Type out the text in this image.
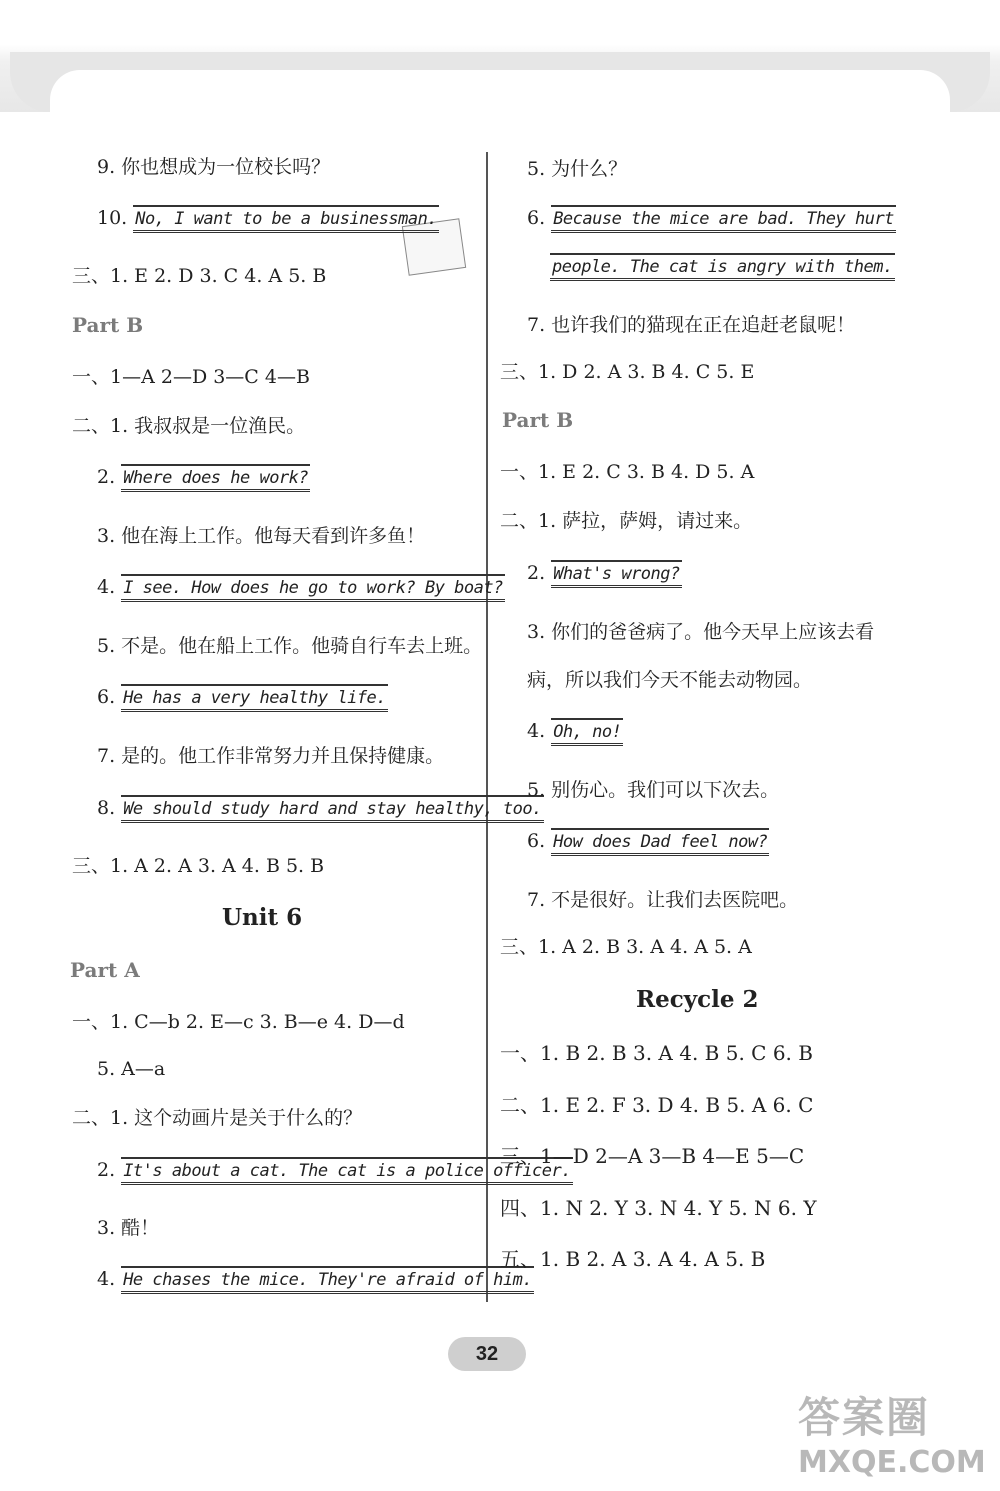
9. 你也想成为一位校长吗？
10. No, I want to be a businessman.
三、1. E 2. D 3. C 4. A 5. B
Part B
一、1—A 2—D 3—C 4—B
二、1. 我叔叔是一位渔民。
2. Where does he work?
3. 他在海上工作。他每天看到许多鱼！
4. I see. How does he go to work? By boat?
5. 不是。他在船上工作。他骑自行车去上班。
6. He has a very healthy life.
7. 是的。他工作非常努力并且保持健康。
8. We should study hard and stay healthy, too.
三、1. A 2. A 3. A 4. B 5. B
Unit 6
Part A
一、1. C—b 2. E—c 3. B—e 4. D—d
5. A—a
二、1. 这个动画片是关于什么的？
2. It's about a cat. The cat is a police officer.
3. 酷！
4. He chases the mice. They're afraid of him.
5. 为什么？
6. Because the mice are bad. They hurt
people. The cat is angry with them.
7. 也许我们的猫现在正在追赶老鼠呢！
三、1. D 2. A 3. B 4. C 5. E
Part B
一、1. E 2. C 3. B 4. D 5. A
二、1. 萨拉，萨姆，请过来。
2. What's wrong?
3. 你们的爸爸病了。他今天早上应该去看
病，所以我们今天不能去动物园。
4. Oh, no!
5. 别伤心。我们可以下次去。
6. How does Dad feel now?
7. 不是很好。让我们去医院吧。
三、1. A 2. B 3. A 4. A 5. A
Recycle 2
一、1. B 2. B 3. A 4. B 5. C 6. B
二、1. E 2. F 3. D 4. B 5. A 6. C
三、1—D 2—A 3—B 4—E 5—C
四、1. N 2. Y 3. N 4. Y 5. N 6. Y
五、1. B 2. A 3. A 4. A 5. B
32
答案圈
MXQE.COM
